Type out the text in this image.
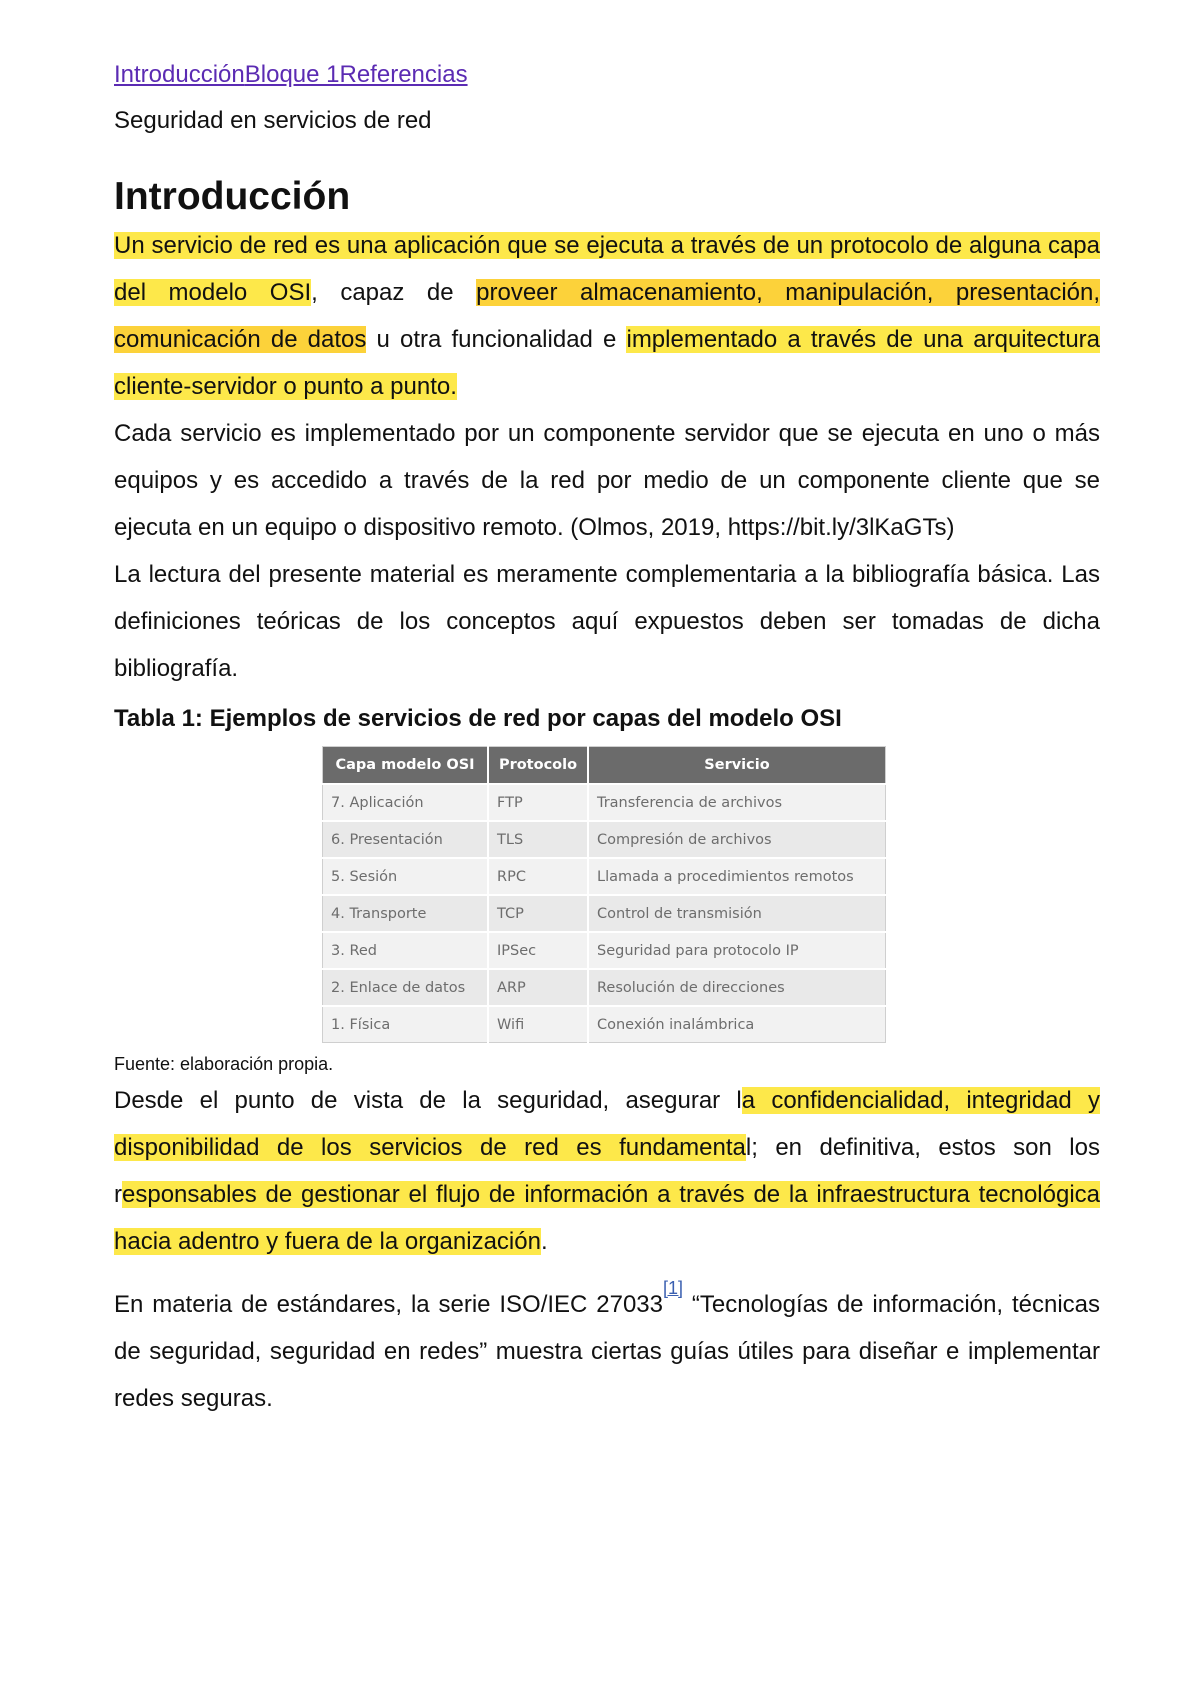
IntroducciónBloque 1Referencias
Seguridad en servicios de red
Introducción

Un servicio de red es una aplicación que se ejecuta a través de un protocolo de alguna capa del modelo OSI, capaz de proveer almacenamiento, manipulación, presentación, comunicación de datos u otra funcionalidad e implementado a través de una arquitectura cliente-servidor o punto a punto.

Cada servicio es implementado por un componente servidor que se ejecuta en uno o más equipos y es accedido a través de la red por medio de un componente cliente que se ejecuta en un equipo o dispositivo remoto. (Olmos, 2019, https://bit.ly/3lKaGTs)

La lectura del presente material es meramente complementaria a la bibliografía básica. Las definiciones teóricas de los conceptos aquí expuestos deben ser tomadas de dicha bibliografía.

Tabla 1: Ejemplos de servicios de red por capas del modelo OSI
Capa modelo OSI	Protocolo	Servicio
7. Aplicación	FTP	Transferencia de archivos
6. Presentación	TLS	Compresión de archivos
5. Sesión	RPC	Llamada a procedimientos remotos
4. Transporte	TCP	Control de transmisión
3. Red	IPSec	Seguridad para protocolo IP
2. Enlace de datos	ARP	Resolución de direcciones
1. Física	Wifi	Conexión inalámbrica
Fuente: elaboración propia.

Desde el punto de vista de la seguridad, asegurar la confidencialidad, integridad y disponibilidad de los servicios de red es fundamental; en definitiva, estos son los responsables de gestionar el flujo de información a través de la infraestructura tecnológica hacia adentro y fuera de la organización.

En materia de estándares, la serie ISO/IEC 27033[1] “Tecnologías de información, técnicas de seguridad, seguridad en redes” muestra ciertas guías útiles para diseñar e implementar redes seguras.
